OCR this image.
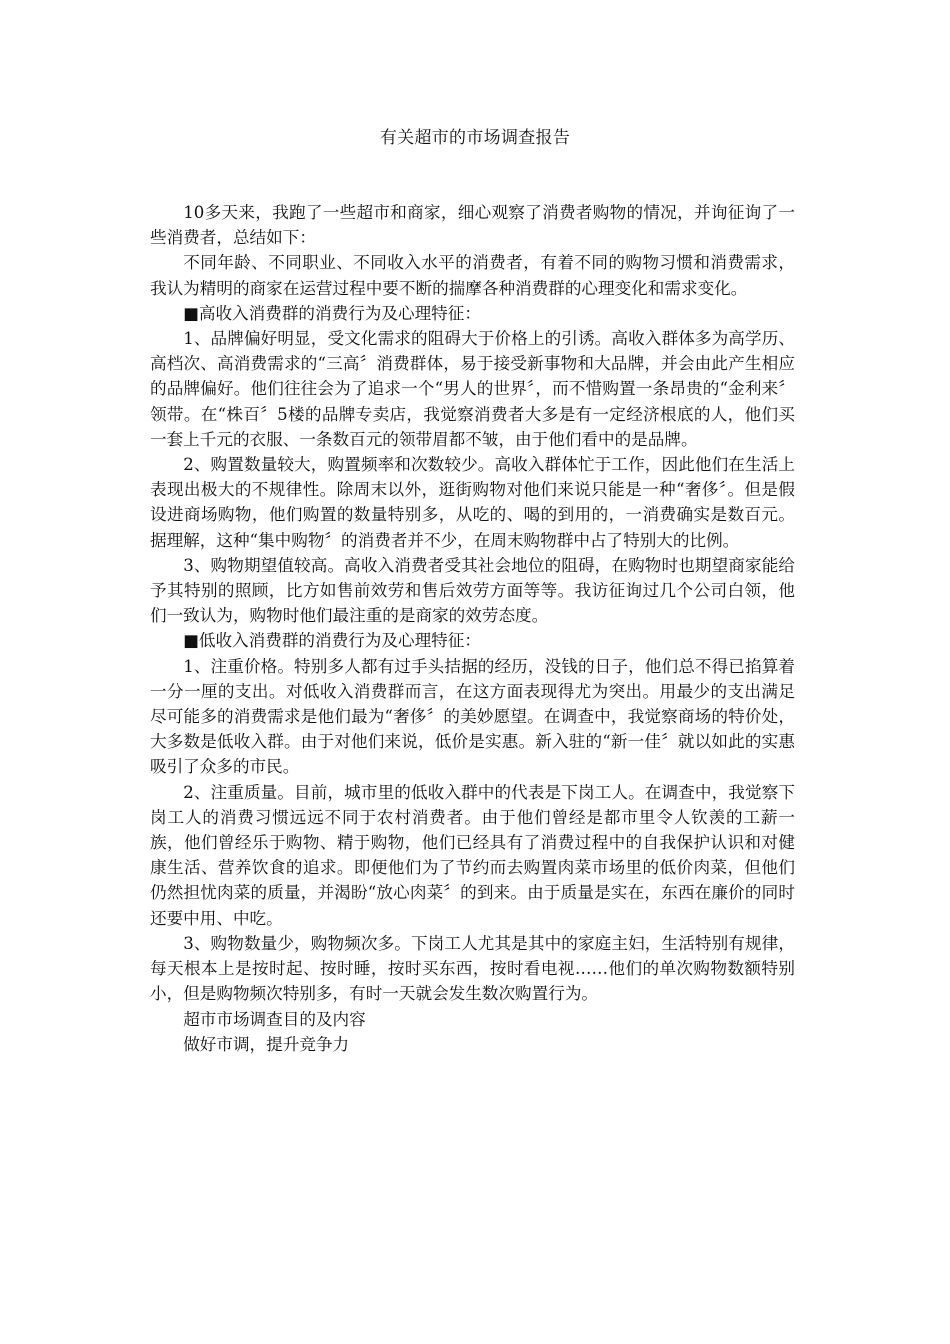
有关超市的市场调查报告

10多天来，我跑了一些超市和商家，细心观察了消费者购物的情况，并询征询了一些消费者，总结如下：

不同年龄、不同职业、不同收入水平的消费者，有着不同的购物习惯和消费需求，我认为精明的商家在运营过程中要不断的揣摩各种消费群的心理变化和需求变化。

■高收入消费群的消费行为及心理特征：

1、品牌偏好明显，受文化需求的阻碍大于价格上的引诱。高收入群体多为高学历、高档次、高消费需求的“三高〞消费群体，易于接受新事物和大品牌，并会由此产生相应的品牌偏好。他们往往会为了追求一个“男人的世界〞，而不惜购置一条昂贵的“金利来〞领带。在“株百〞5楼的品牌专卖店，我觉察消费者大多是有一定经济根底的人，他们买一套上千元的衣服、一条数百元的领带眉都不皱，由于他们看中的是品牌。

2、购置数量较大，购置频率和次数较少。高收入群体忙于工作，因此他们在生活上表现出极大的不规律性。除周末以外，逛街购物对他们来说只能是一种“奢侈〞。但是假设进商场购物，他们购置的数量特别多，从吃的、喝的到用的，一消费确实是数百元。据理解，这种“集中购物〞的消费者并不少，在周末购物群中占了特别大的比例。

3、购物期望值较高。高收入消费者受其社会地位的阻碍，在购物时也期望商家能给予其特别的照顾，比方如售前效劳和售后效劳方面等等。我访征询过几个公司白领，他们一致认为，购物时他们最注重的是商家的效劳态度。

■低收入消费群的消费行为及心理特征：

1、注重价格。特别多人都有过手头拮据的经历，没钱的日子，他们总不得已掐算着一分一厘的支出。对低收入消费群而言，在这方面表现得尤为突出。用最少的支出满足尽可能多的消费需求是他们最为“奢侈〞的美妙愿望。在调查中，我觉察商场的特价处，大多数是低收入群。由于对他们来说，低价是实惠。新入驻的“新一佳〞就以如此的实惠吸引了众多的市民。

2、注重质量。目前，城市里的低收入群中的代表是下岗工人。在调查中，我觉察下岗工人的消费习惯远远不同于农村消费者。由于他们曾经是都市里令人钦羡的工薪一族，他们曾经乐于购物、精于购物，他们已经具有了消费过程中的自我保护认识和对健康生活、营养饮食的追求。即便他们为了节约而去购置肉菜市场里的低价肉菜，但他们仍然担忧肉菜的质量，并渴盼“放心肉菜〞的到来。由于质量是实在，东西在廉价的同时还要中用、中吃。

3、购物数量少，购物频次多。下岗工人尤其是其中的家庭主妇，生活特别有规律，每天根本上是按时起、按时睡，按时买东西，按时看电视……他们的单次购物数额特别小，但是购物频次特别多，有时一天就会发生数次购置行为。

超市市场调查目的及内容

做好市调，提升竞争力
